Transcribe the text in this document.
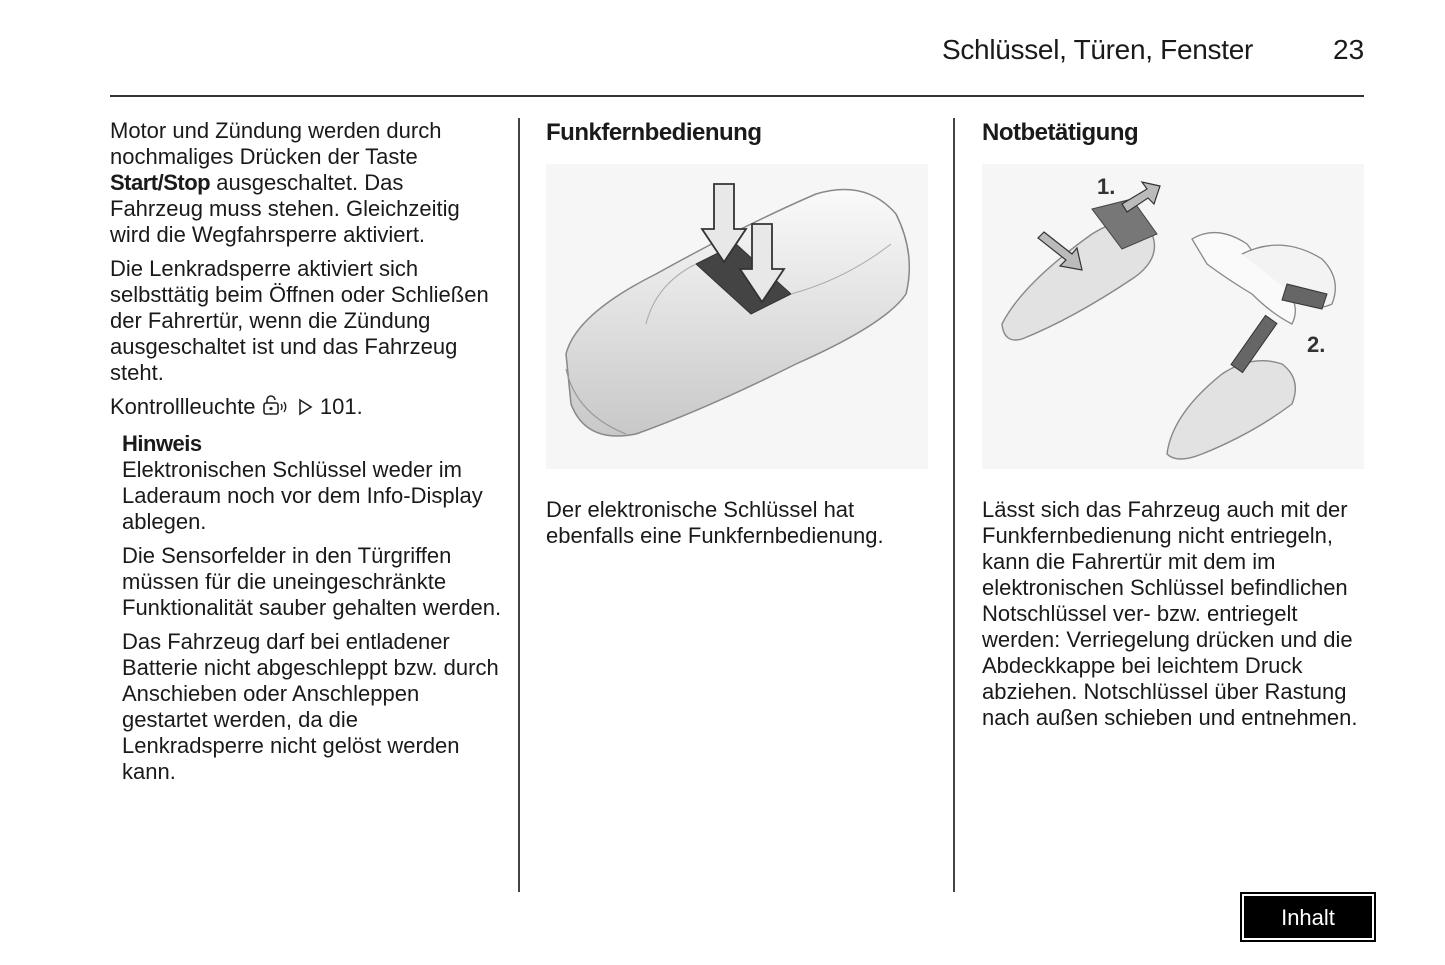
Schlüssel, Türen, Fenster	23

Motor und Zündung werden durch nochmaliges Drücken der Taste Start/Stop ausgeschaltet. Das Fahrzeug muss stehen. Gleichzeitig wird die Wegfahrsperre aktiviert.

Die Lenkradsperre aktiviert sich selbsttätig beim Öffnen oder Schließen der Fahrertür, wenn die Zündung ausgeschaltet ist und das Fahrzeug steht.

Kontrollleuchte	101.

Hinweis

Elektronischen Schlüssel weder im Laderaum noch vor dem Info-Display ablegen.

Die Sensorfelder in den Türgriffen müssen für die uneingeschränkte Funktionalität sauber gehalten werden.

Das Fahrzeug darf bei entladener Batterie nicht abgeschleppt bzw. durch Anschieben oder Anschleppen gestartet werden, da die Lenkradsperre nicht gelöst werden kann.

Funkfernbedienung

Der elektronische Schlüssel hat ebenfalls eine Funkfernbedienung.

Notbetätigung
1.
2.

Lässt sich das Fahrzeug auch mit der Funkfernbedienung nicht entriegeln, kann die Fahrertür mit dem im elektronischen Schlüssel befindlichen Notschlüssel ver- bzw. entriegelt werden: Verriegelung drücken und die Abdeckkappe bei leichtem Druck abziehen. Notschlüssel über Rastung nach außen schieben und entnehmen.

Inhalt
